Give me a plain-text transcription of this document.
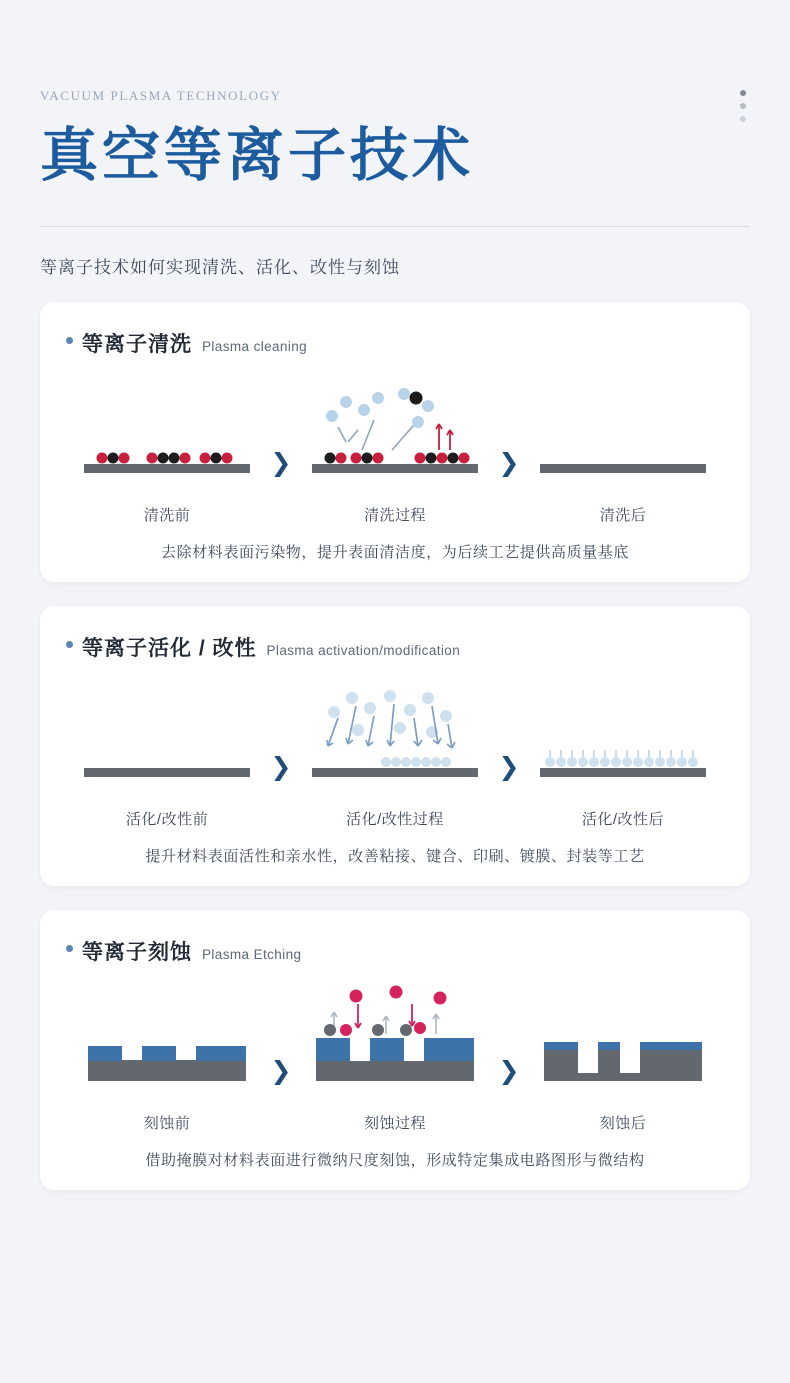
VACUUM PLASMA TECHNOLOGY
真空等离子技术
等离子技术如何实现清洗、活化、改性与刻蚀
等离子清洗 Plasma cleaning
清洗前
❯
清洗过程
❯
清洗后
去除材料表面污染物，提升表面清洁度，为后续工艺提供高质量基底
等离子活化 / 改性 Plasma activation/modification
活化/改性前
❯
活化/改性过程
❯
活化/改性后
提升材料表面活性和亲水性，改善粘接、键合、印刷、镀膜、封装等工艺
等离子刻蚀 Plasma Etching
刻蚀前
❯
刻蚀过程
❯
刻蚀后
借助掩膜对材料表面进行微纳尺度刻蚀，形成特定集成电路图形与微结构
